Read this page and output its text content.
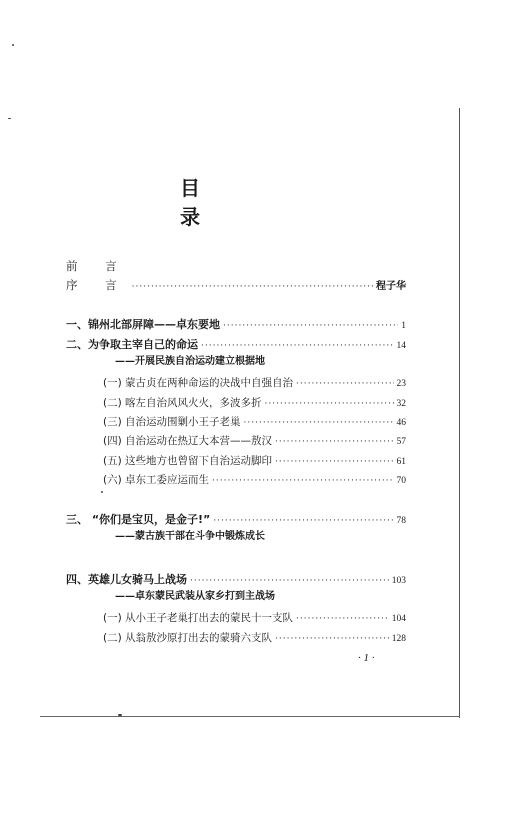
目 录
前 言
序 言 ·····	程子华
一、锦州北部屏障——卓东要地 ·····	1
二、为争取主宰自己的命运 ·····	14
——开展民族自治运动建立根据地
(一) 蒙古贞在两种命运的决战中自强自治 ·····	23
(二) 喀左自治风风火火，多波多折 ·····	32
(三) 自治运动围剿小王子老巢 ·····	46
(四) 自治运动在热辽大本营——敖汉 ·····	57
(五) 这些地方也曾留下自治运动脚印 ·····	61
(六) 卓东工委应运而生 ·····	70
三、 “你们是宝贝，是金子!” ·····	78
——蒙古族干部在斗争中锻炼成长
四、英雄儿女骑马上战场 ·····	103
——卓东蒙民武装从家乡打到主战场
(一) 从小王子老巢打出去的蒙民十一支队 ·····	104
(二) 从翁敖沙原打出去的蒙骑六支队 ·····	128
· 1 ·
